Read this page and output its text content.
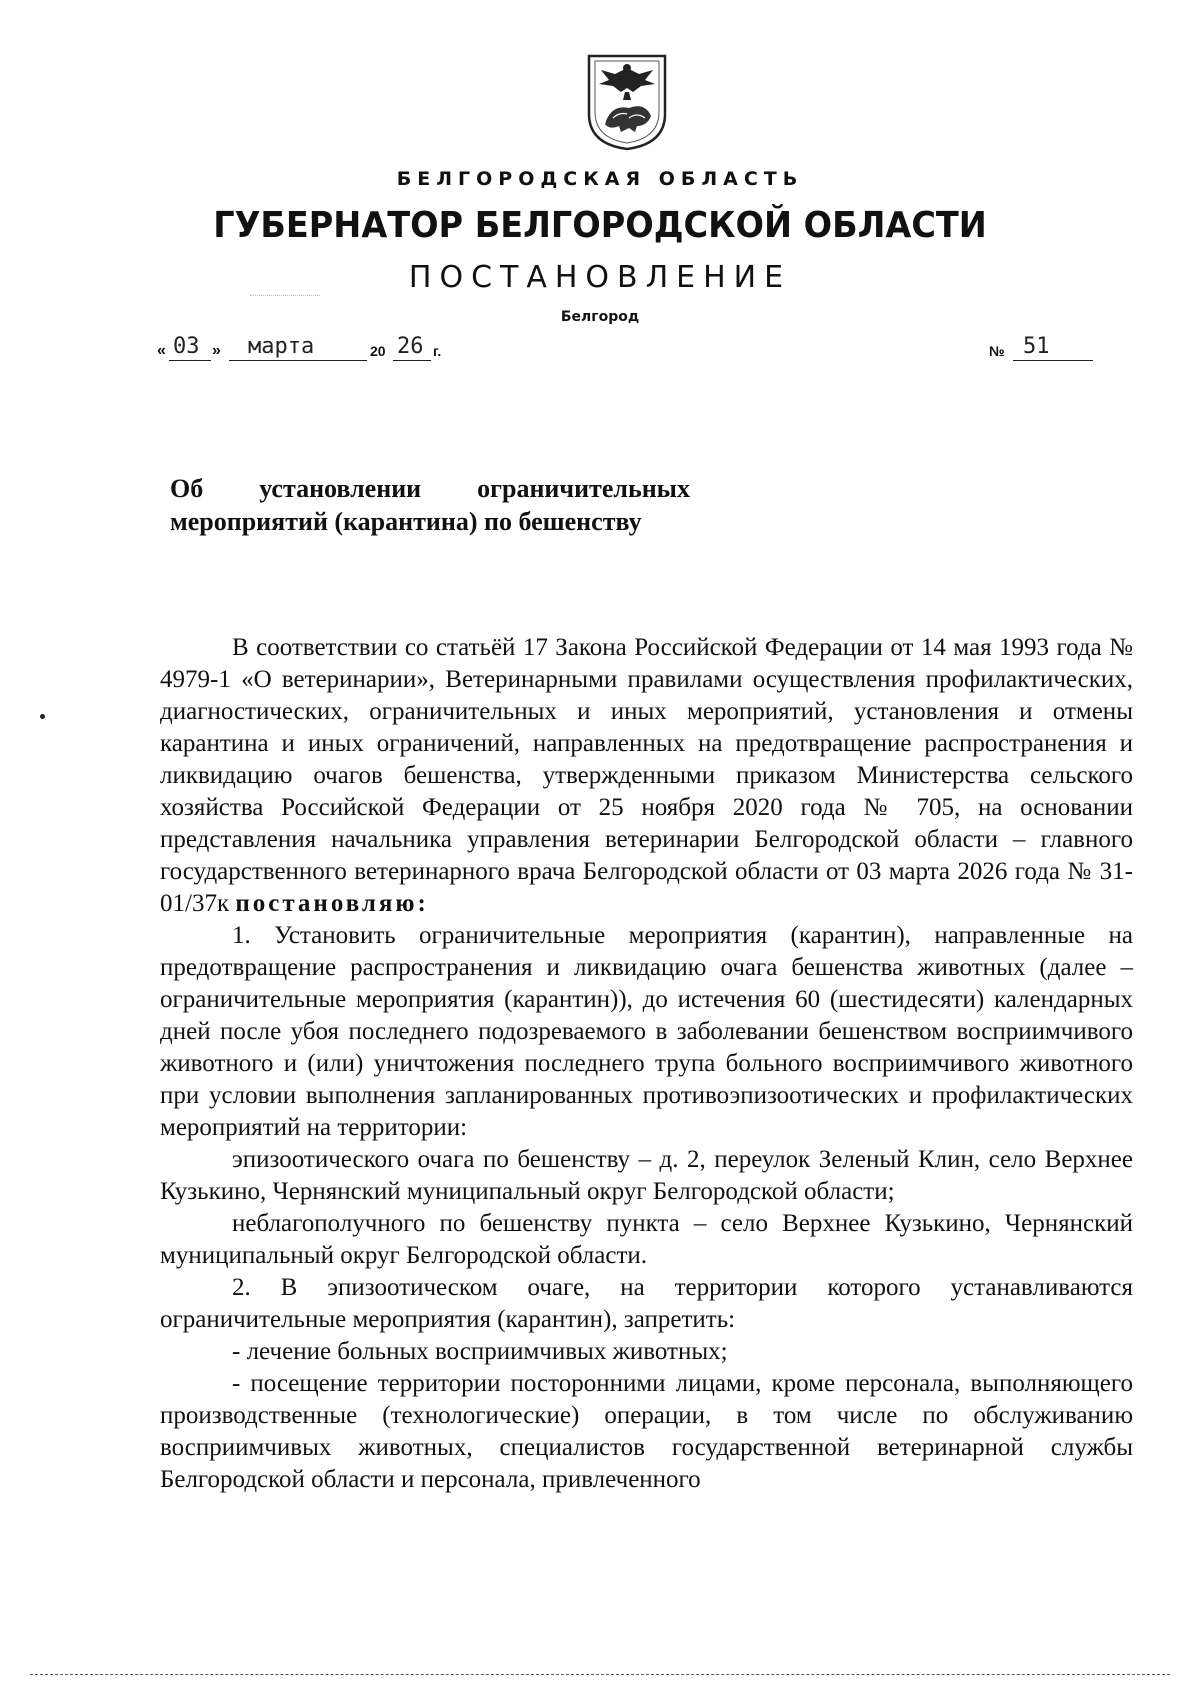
БЕЛГОРОДСКАЯ ОБЛАСТЬ
ГУБЕРНАТОР БЕЛГОРОДСКОЙ ОБЛАСТИ
ПОСТАНОВЛЕНИЕ
Белгород
« 03 » марта	20 26 г.	№ 51
Об установлении ограничительных
мероприятий (карантина) по бешенству

В соответствии со статьёй 17 Закона Российской Федерации от 14 мая 1993 года № 4979-1 «О ветеринарии», Ветеринарными правилами осуществления профилактических, диагностических, ограничительных и иных мероприятий, установления и отмены карантина и иных ограничений, направленных на предотвращение распространения и ликвидацию очагов бешенства, утвержденными приказом Министерства сельского хозяйства Российской Федерации от 25 ноября 2020 года № 705, на основании представления начальника управления ветеринарии Белгородской области – главного государственного ветеринарного врача Белгородской области от 03 марта 2026 года № 31-01/37к постановляю:

1. Установить ограничительные мероприятия (карантин), направленные на предотвращение распространения и ликвидацию очага бешенства животных (далее – ограничительные мероприятия (карантин)), до истечения 60 (шестидесяти) календарных дней после убоя последнего подозреваемого в заболевании бешенством восприимчивого животного и (или) уничтожения последнего трупа больного восприимчивого животного при условии выполнения запланированных противоэпизоотических и профилактических мероприятий на территории:

эпизоотического очага по бешенству – д. 2, переулок Зеленый Клин, село Верхнее Кузькино, Чернянский муниципальный округ Белгородской области;

неблагополучного по бешенству пункта – село Верхнее Кузькино, Чернянский муниципальный округ Белгородской области.

2. В эпизоотическом очаге, на территории которого устанавливаются ограничительные мероприятия (карантин), запретить:

- лечение больных восприимчивых животных;

- посещение территории посторонними лицами, кроме персонала, выполняющего производственные (технологические) операции, в том числе по обслуживанию восприимчивых животных, специалистов государственной ветеринарной службы Белгородской области и персонала, привлеченного
